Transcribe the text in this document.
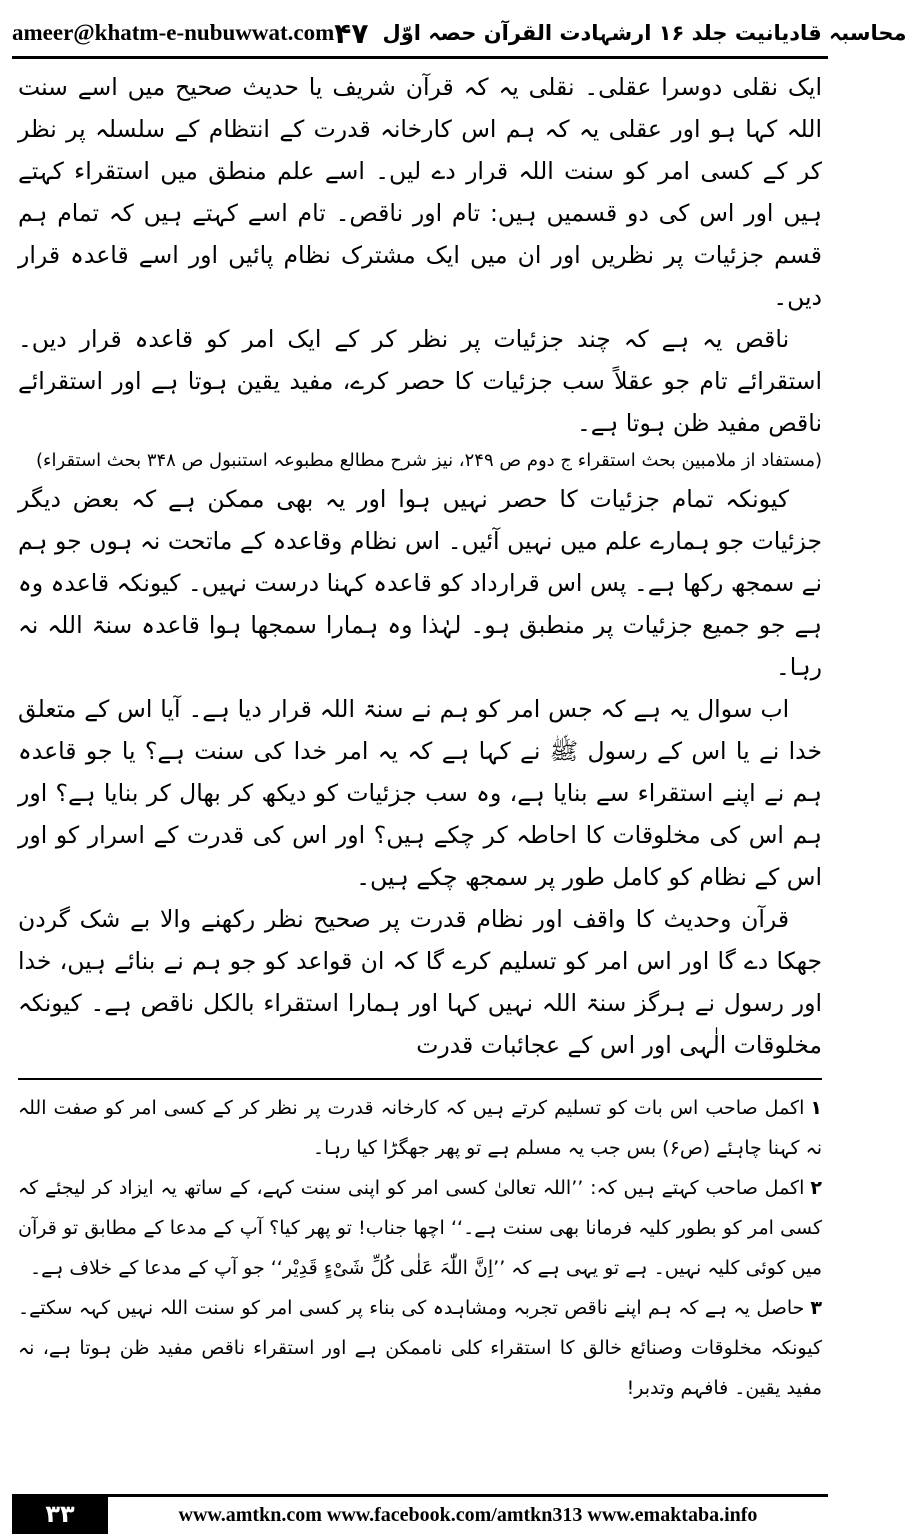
ameer@khatm-e-nubuwwat.com محاسبہ قادیانیت جلد ۱۶ ارشہادت القرآن حصہ اوّل
۴۷

ایک نقلی دوسرا عقلی۔ نقلی یہ کہ قرآن شریف یا حدیث صحیح میں اسے سنت اللہ کہا ہو اور عقلی یہ کہ ہم اس کارخانہ قدرت کے انتظام کے سلسلہ پر نظر کر کے کسی امر کو سنت اللہ قرار دے لیں۔ اسے علم منطق میں استقراء کہتے ہیں اور اس کی دو قسمیں ہیں: تام اور ناقص۔ تام اسے کہتے ہیں کہ تمام ہم قسم جزئیات پر نظریں اور ان میں ایک مشترک نظام پائیں اور اسے قاعدہ قرار دیں۔

ناقص یہ ہے کہ چند جزئیات پر نظر کر کے ایک امر کو قاعدہ قرار دیں۔ استقرائے تام جو عقلاً سب جزئیات کا حصر کرے، مفید یقین ہوتا ہے اور استقرائے ناقص مفید ظن ہوتا ہے۔

(مستفاد از ملامبین بحث استقراء ج دوم ص ۲۴۹، نیز شرح مطالع مطبوعہ استنبول ص ۳۴۸ بحث استقراء)

کیونکہ تمام جزئیات کا حصر نہیں ہوا اور یہ بھی ممکن ہے کہ بعض دیگر جزئیات جو ہمارے علم میں نہیں آئیں۔ اس نظام وقاعدہ کے ماتحت نہ ہوں جو ہم نے سمجھ رکھا ہے۔ پس اس قرارداد کو قاعدہ کہنا درست نہیں۔ کیونکہ قاعدہ وہ ہے جو جمیع جزئیات پر منطبق ہو۔ لہٰذا وہ ہمارا سمجھا ہوا قاعدہ سنۃ اللہ نہ رہا۔

اب سوال یہ ہے کہ جس امر کو ہم نے سنۃ اللہ قرار دیا ہے۔ آیا اس کے متعلق خدا نے یا اس کے رسول ﷺ نے کہا ہے کہ یہ امر خدا کی سنت ہے؟ یا جو قاعدہ ہم نے اپنے استقراء سے بنایا ہے، وہ سب جزئیات کو دیکھ کر بھال کر بنایا ہے؟ اور ہم اس کی مخلوقات کا احاطہ کر چکے ہیں؟ اور اس کی قدرت کے اسرار کو اور اس کے نظام کو کامل طور پر سمجھ چکے ہیں۔

قرآن وحدیث کا واقف اور نظام قدرت پر صحیح نظر رکھنے والا بے شک گردن جھکا دے گا اور اس امر کو تسلیم کرے گا کہ ان قواعد کو جو ہم نے بنائے ہیں، خدا اور رسول نے ہرگز سنۃ اللہ نہیں کہا اور ہمارا استقراء بالکل ناقص ہے۔ کیونکہ مخلوقات الٰہی اور اس کے عجائبات قدرت

۱اکمل صاحب اس بات کو تسلیم کرتے ہیں کہ کارخانہ قدرت پر نظر کر کے کسی امر کو صفت اللہ نہ کہنا چاہئے (ص۶) بس جب یہ مسلم ہے تو پھر جھگڑا کیا رہا۔

۲اکمل صاحب کہتے ہیں کہ: ’’اللہ تعالیٰ کسی امر کو اپنی سنت کہے، کے ساتھ یہ ایزاد کر لیجئے کہ کسی امر کو بطور کلیہ فرمانا بھی سنت ہے۔‘‘ اچھا جناب! تو پھر کیا؟ آپ کے مدعا کے مطابق تو قرآن میں کوئی کلیہ نہیں۔ ہے تو یہی ہے کہ ’’اِنَّ اللّٰہَ عَلٰی کُلِّ شَیْءٍ قَدِیْر‘‘ جو آپ کے مدعا کے خلاف ہے۔

۳حاصل یہ ہے کہ ہم اپنے ناقص تجربہ ومشاہدہ کی بناء پر کسی امر کو سنت اللہ نہیں کہہ سکتے۔ کیونکہ مخلوقات وصنائع خالق کا استقراء کلی ناممکن ہے اور استقراء ناقص مفید ظن ہوتا ہے، نہ مفید یقین۔ فافہم وتدبر!

۳۳	www.amtkn.com www.facebook.com/amtkn313 www.emaktaba.info
